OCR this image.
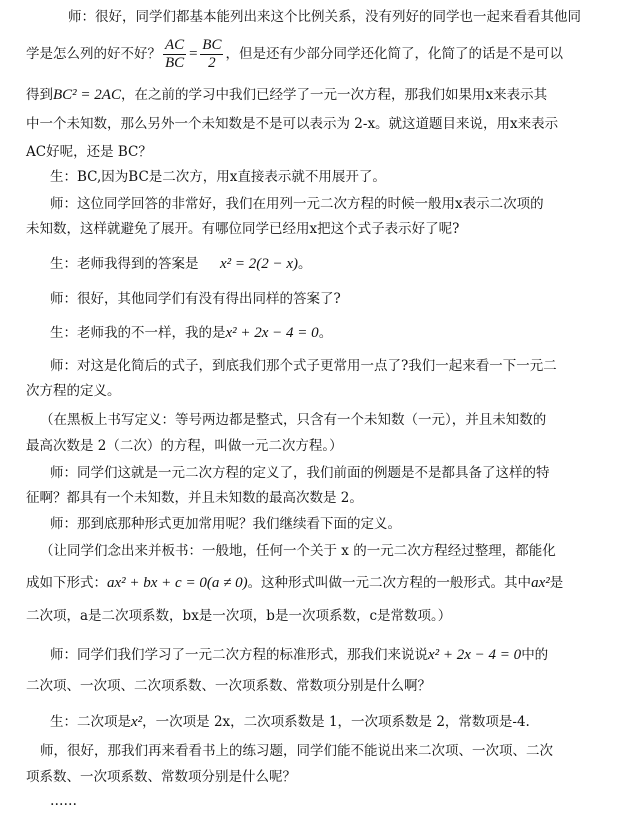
师：很好，同学们都基本能列出来这个比例关系，没有列好的同学也一起来看看其他同
学是怎么列的好不好？ $\frac{AC}{BC} = \frac{BC}{2}$ ，但是还有少部分同学还化简了，化简了的话是不是可以
得到BC² = 2AC，在之前的学习中我们已经学了一元一次方程，那我们如果用x来表示其
中一个未知数，那么另外一个未知数是不是可以表示为 2-x。就这道题目来说，用x来表示
AC好呢，还是 BC？
生：BC,因为BC是二次方，用x直接表示就不用展开了。
师：这位同学回答的非常好，我们在用列一元二次方程的时候一般用x表示二次项的
未知数，这样就避免了展开。有哪位同学已经用x把这个式子表示好了呢?
生：老师我得到的答案是 x² = 2(2 − x)。
师：很好，其他同学们有没有得出同样的答案了?
生：老师我的不一样，我的是x² + 2x − 4 = 0。
师：对这是化简后的式子，到底我们那个式子更常用一点了?我们一起来看一下一元二
次方程的定义。
（在黑板上书写定义：等号两边都是整式，只含有一个未知数（一元），并且未知数的
最高次数是 2（二次）的方程，叫做一元二次方程。）
师：同学们这就是一元二次方程的定义了，我们前面的例题是不是都具备了这样的特
征啊？都具有一个未知数，并且未知数的最高次数是 2。
师：那到底那种形式更加常用呢？我们继续看下面的定义。
（让同学们念出来并板书：一般地，任何一个关于 x 的一元二次方程经过整理，都能化
成如下形式：ax² + bx + c = 0(a ≠ 0)。这种形式叫做一元二次方程的一般形式。其中ax²是
二次项，a是二次项系数，bx是一次项，b是一次项系数，c是常数项。）
师：同学们我们学习了一元二次方程的标准形式，那我们来说说x² + 2x − 4 = 0中的
二次项、一次项、二次项系数、一次项系数、常数项分别是什么啊？
生：二次项是x²，一次项是 2x，二次项系数是 1，一次项系数是 2，常数项是-4.
师，很好，那我们再来看看书上的练习题，同学们能不能说出来二次项、一次项、二次
项系数、一次项系数、常数项分别是什么呢？
……
